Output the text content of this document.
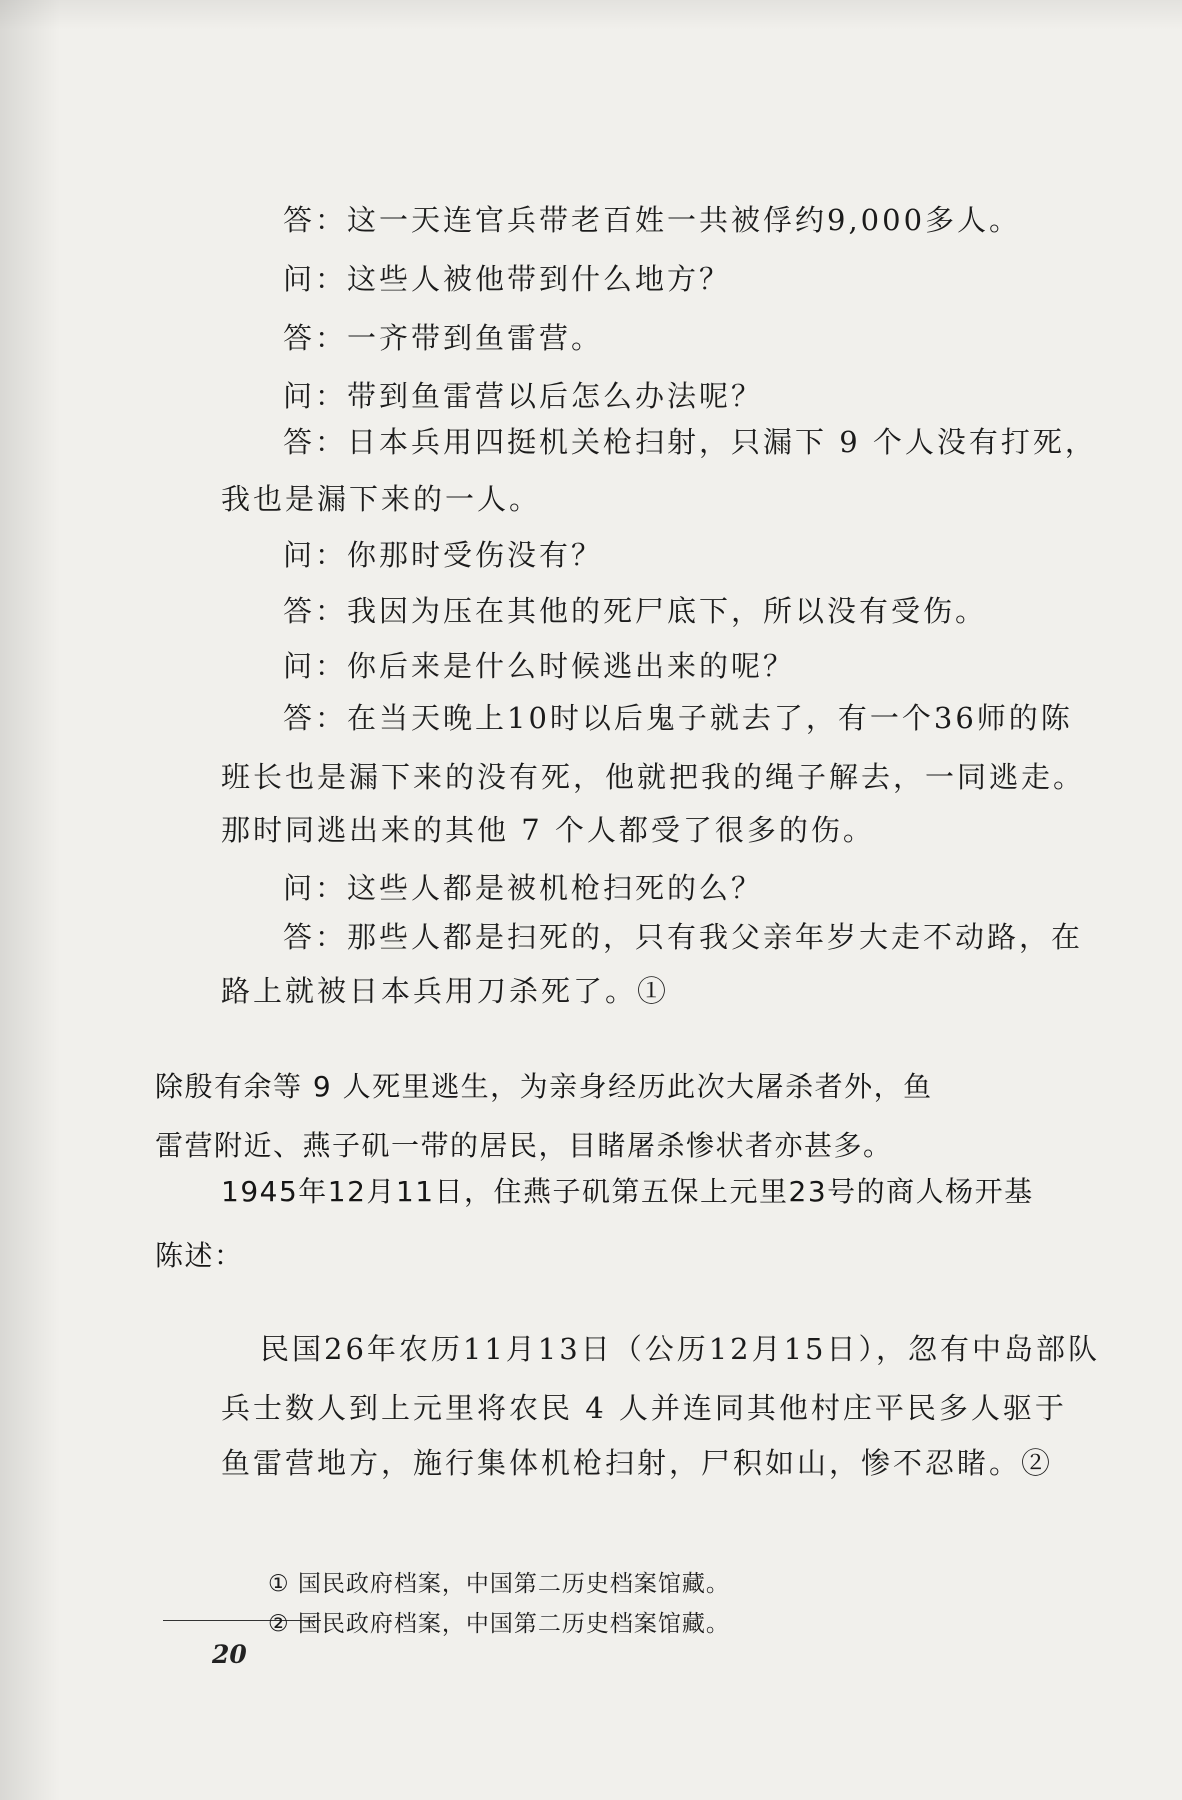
答：这一天连官兵带老百姓一共被俘约9,000多人。
问：这些人被他带到什么地方？
答：一齐带到鱼雷营。
问：带到鱼雷营以后怎么办法呢？
答：日本兵用四挺机关枪扫射，只漏下 9 个人没有打死，
我也是漏下来的一人。
问：你那时受伤没有？
答：我因为压在其他的死尸底下，所以没有受伤。
问：你后来是什么时候逃出来的呢？
答：在当天晚上10时以后鬼子就去了，有一个36师的陈
班长也是漏下来的没有死，他就把我的绳子解去，一同逃走。
那时同逃出来的其他 7 个人都受了很多的伤。
问：这些人都是被机枪扫死的么？
答：那些人都是扫死的，只有我父亲年岁大走不动路，在
路上就被日本兵用刀杀死了。①
除殷有余等 9 人死里逃生，为亲身经历此次大屠杀者外，鱼
雷营附近、燕子矶一带的居民，目睹屠杀惨状者亦甚多。
1945年12月11日，住燕子矶第五保上元里23号的商人杨开基
陈述：
民国26年农历11月13日（公历12月15日），忽有中岛部队
兵士数人到上元里将农民 4 人并连同其他村庄平民多人驱于
鱼雷营地方，施行集体机枪扫射，尸积如山，惨不忍睹。②
① 国民政府档案，中国第二历史档案馆藏。
② 国民政府档案，中国第二历史档案馆藏。
20
